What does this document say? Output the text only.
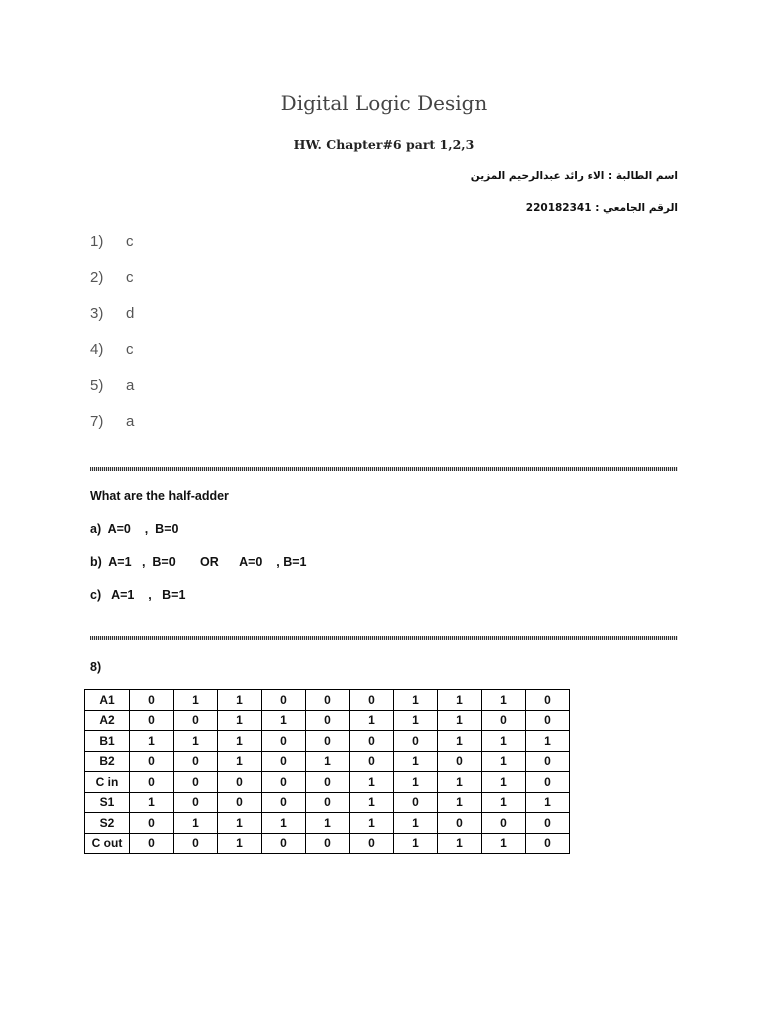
Digital Logic Design
HW. Chapter#6 part 1,2,3
اسم الطالبة : الاء رائد عبدالرحيم المزين
الرقم الجامعي : 220182341
1) c
2) c
3) d
4) c
5) a
7) a
What are the half-adder
a)  A=0    ,  B=0
b)  A=1   ,  B=0       OR      A=0    , B=1
c)   A=1    ,   B=1
8)
A1	0	1	1	0	0	0	1	1	1	0
A2	0	0	1	1	0	1	1	1	0	0
B1	1	1	1	0	0	0	0	1	1	1
B2	0	0	1	0	1	0	1	0	1	0
C in	0	0	0	0	0	1	1	1	1	0
S1	1	0	0	0	0	1	0	1	1	1
S2	0	1	1	1	1	1	1	0	0	0
C out	0	0	1	0	0	0	1	1	1	0
